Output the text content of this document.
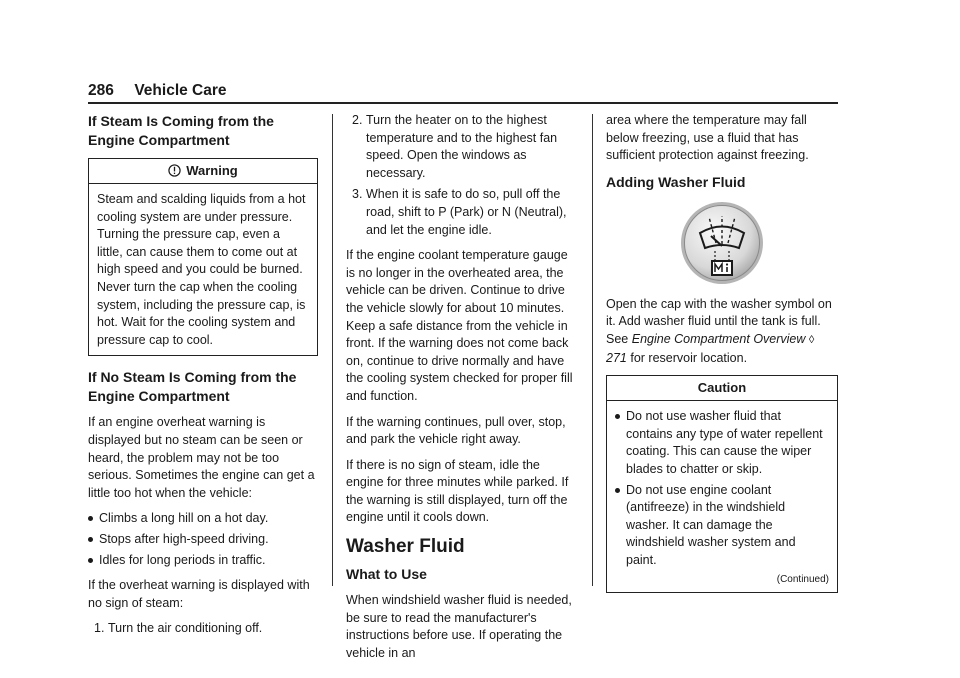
286 Vehicle Care
If Steam Is Coming from the Engine Compartment
Warning

Steam and scalding liquids from a hot cooling system are under pressure. Turning the pressure cap, even a little, can cause them to come out at high speed and you could be burned. Never turn the cap when the cooling system, including the pressure cap, is hot. Wait for the cooling system and pressure cap to cool.

If No Steam Is Coming from the Engine Compartment

If an engine overheat warning is displayed but no steam can be seen or heard, the problem may not be too serious. Sometimes the engine can get a little too hot when the vehicle:

Climbs a long hill on a hot day.
Stops after high-speed driving.
Idles for long periods in traffic.

If the overheat warning is displayed with no sign of steam:

1. Turn the air conditioning off.
2. Turn the heater on to the highest temperature and to the highest fan speed. Open the windows as necessary.
3. When it is safe to do so, pull off the road, shift to P (Park) or N (Neutral), and let the engine idle.

If the engine coolant temperature gauge is no longer in the overheated area, the vehicle can be driven. Continue to drive the vehicle slowly for about 10 minutes. Keep a safe distance from the vehicle in front. If the warning does not come back on, continue to drive normally and have the cooling system checked for proper fill and function.

If the warning continues, pull over, stop, and park the vehicle right away.

If there is no sign of steam, idle the engine for three minutes while parked. If the warning is still displayed, turn off the engine until it cools down.

Washer Fluid
What to Use

When windshield washer fluid is needed, be sure to read the manufacturer's instructions before use. If operating the vehicle in an

area where the temperature may fall below freezing, use a fluid that has sufficient protection against freezing.

Adding Washer Fluid

Open the cap with the washer symbol on it. Add washer fluid until the tank is full. See Engine Compartment Overview ◊ 271 for reservoir location.

Caution
Do not use washer fluid that contains any type of water repellent coating. This can cause the wiper blades to chatter or skip.
Do not use engine coolant (antifreeze) in the windshield washer. It can damage the windshield washer system and paint.
(Continued)
